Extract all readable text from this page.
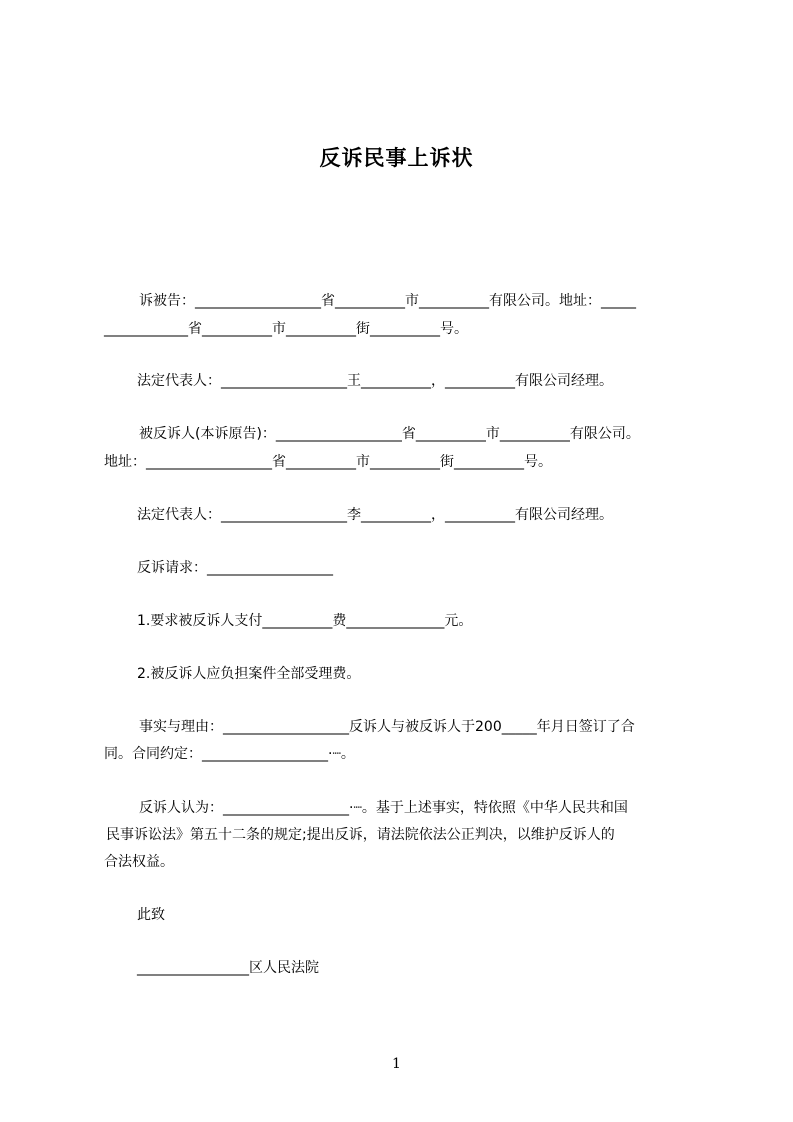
反诉民事上诉状
诉被告：__________________省__________市__________有限公司。地址：_____
____________省__________市__________街__________号。
法定代表人：__________________王__________，__________有限公司经理。
被反诉人(本诉原告)：__________________省__________市__________有限公司。
地址：__________________省__________市__________街__________号。
法定代表人：__________________李__________，__________有限公司经理。
反诉请求：__________________
1.要求被反诉人支付__________费______________元。
2.被反诉人应负担案件全部受理费。
事实与理由：__________________反诉人与被反诉人于200_____年月日签订了合
同。合同约定：__________________·┈。
反诉人认为：__________________·┈。基于上述事实，特依照《中华人民共和国
民事诉讼法》第五十二条的规定;提出反诉，请法院依法公正判决，以维护反诉人的
合法权益。
此致
________________区人民法院
1
